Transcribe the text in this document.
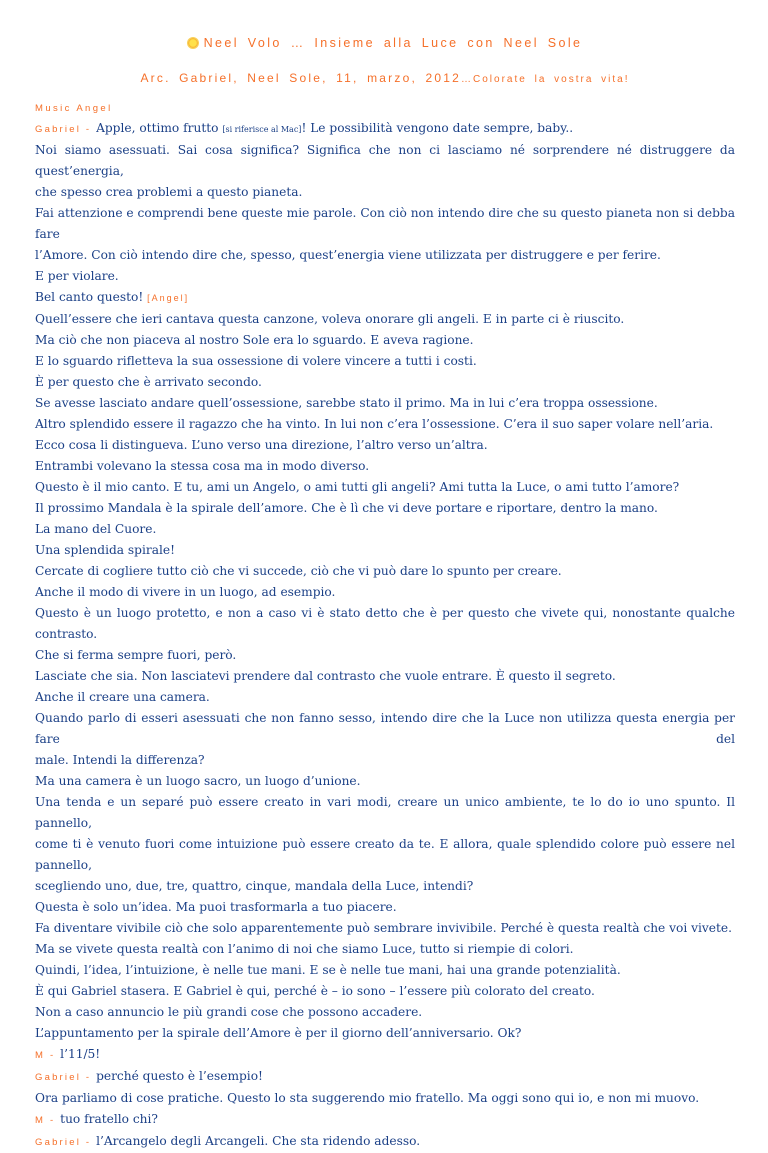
Neel Volo … Insieme alla Luce con Neel Sole
Arc. Gabriel, Neel Sole, 11, marzo, 2012…Colorate la vostra vita!
Music Angel
Gabriel - Apple, ottimo frutto [si riferisce al Mac]! Le possibilità vengono date sempre, baby..
Noi siamo asessuati. Sai cosa significa? Significa che non ci lasciamo né sorprendere né distruggere da quest’energia,
che spesso crea problemi a questo pianeta.
Fai attenzione e comprendi bene queste mie parole. Con ciò non intendo dire che su questo pianeta non si debba fare
l’Amore. Con ciò intendo dire che, spesso, quest’energia viene utilizzata per distruggere e per ferire.
E per violare.
Bel canto questo! [Angel]
Quell’essere che ieri cantava questa canzone, voleva onorare gli angeli. E in parte ci è riuscito.
Ma ciò che non piaceva al nostro Sole era lo sguardo. E aveva ragione.
E lo sguardo rifletteva la sua ossessione di volere vincere a tutti i costi.
È per questo che è arrivato secondo.
Se avesse lasciato andare quell’ossessione, sarebbe stato il primo. Ma in lui c’era troppa ossessione.
Altro splendido essere il ragazzo che ha vinto. In lui non c’era l’ossessione. C’era il suo saper volare nell’aria.
Ecco cosa li distingueva. L’uno verso una direzione, l’altro verso un’altra.
Entrambi volevano la stessa cosa ma in modo diverso.
Questo è il mio canto. E tu, ami un Angelo, o ami tutti gli angeli? Ami tutta la Luce, o ami tutto l’amore?
Il prossimo Mandala è la spirale dell’amore. Che è lì che vi deve portare e riportare, dentro la mano.
La mano del Cuore.
Una splendida spirale!
Cercate di cogliere tutto ciò che vi succede, ciò che vi può dare lo spunto per creare.
Anche il modo di vivere in un luogo, ad esempio.
Questo è un luogo protetto, e non a caso vi è stato detto che è per questo che vivete qui, nonostante qualche contrasto.
Che si ferma sempre fuori, però.
Lasciate che sia. Non lasciatevi prendere dal contrasto che vuole entrare. È questo il segreto.
Anche il creare una camera.
Quando parlo di esseri asessuati che non fanno sesso, intendo dire che la Luce non utilizza questa energia per fare del
male. Intendi la differenza?
Ma una camera è un luogo sacro, un luogo d’unione.
Una tenda e un separé può essere creato in vari modi, creare un unico ambiente, te lo do io uno spunto. Il pannello,
come ti è venuto fuori come intuizione può essere creato da te. E allora, quale splendido colore può essere nel pannello,
scegliendo uno, due, tre, quattro, cinque, mandala della Luce, intendi?
Questa è solo un’idea. Ma puoi trasformarla a tuo piacere.
Fa diventare vivibile ciò che solo apparentemente può sembrare invivibile. Perché è questa realtà che voi vivete.
Ma se vivete questa realtà con l’animo di noi che siamo Luce, tutto si riempie di colori.
Quindi, l’idea, l’intuizione, è nelle tue mani. E se è nelle tue mani, hai una grande potenzialità.
È qui Gabriel stasera. E Gabriel è qui, perché è – io sono – l’essere più colorato del creato.
Non a caso annuncio le più grandi cose che possono accadere.
L’appuntamento per la spirale dell’Amore è per il giorno dell’anniversario. Ok?
M - l’11/5!
Gabriel - perché questo è l’esempio!
Ora parliamo di cose pratiche. Questo lo sta suggerendo mio fratello. Ma oggi sono qui io, e non mi muovo.
M - tuo fratello chi?
Gabriel - l’Arcangelo degli Arcangeli. Che sta ridendo adesso.
